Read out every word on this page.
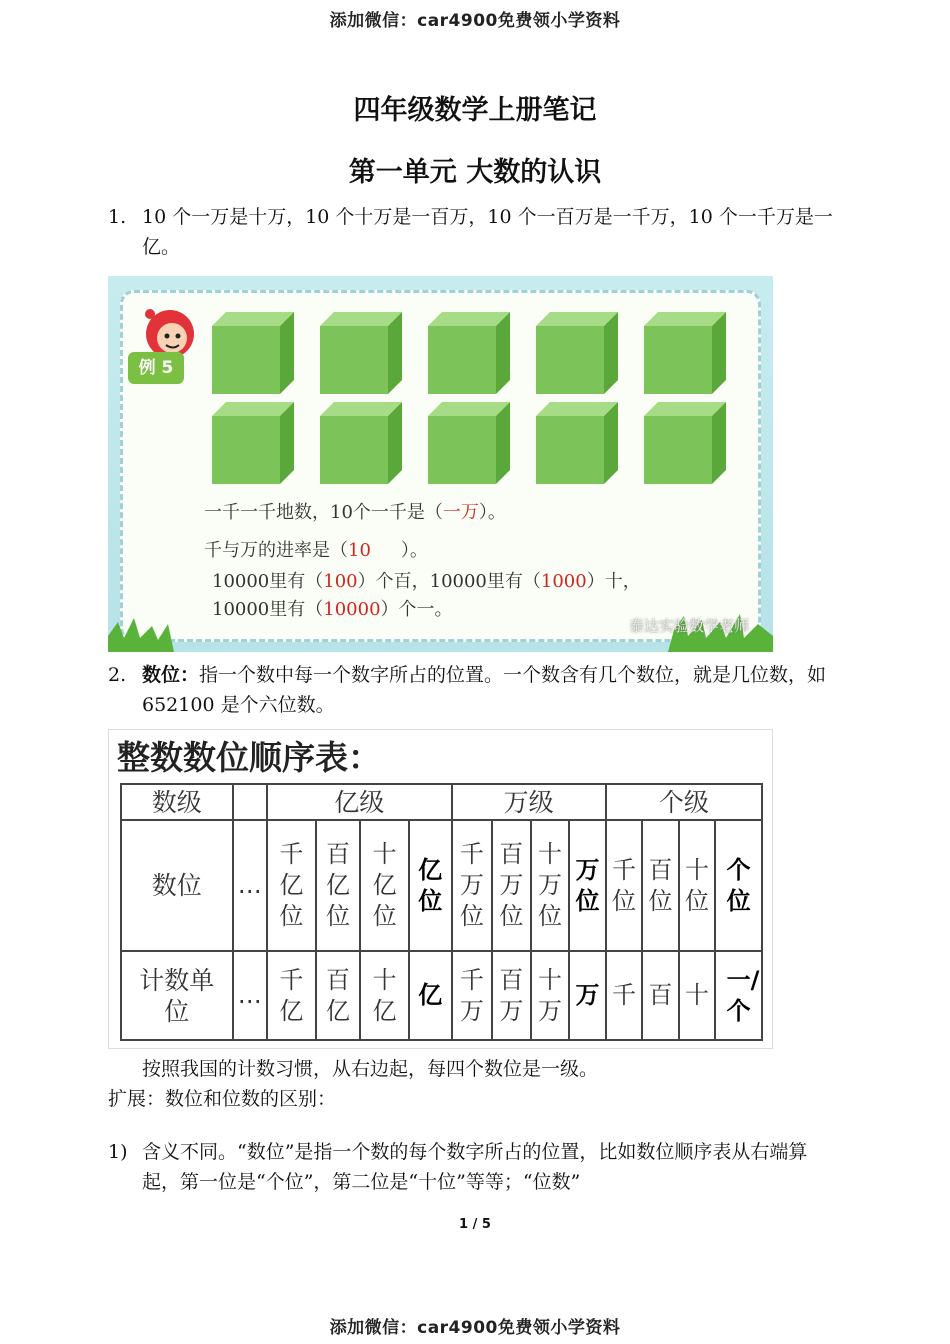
添加微信：car4900免费领小学资料
四年级数学上册笔记
第一单元 大数的认识
1. 10 个一万是十万，10 个十万是一百万，10 个一百万是一千万，10 个一千万是一亿。
例 5
一千一千地数，10个一千是（一万）。
千与万的进率是（10 ）。
10000里有（100）个百，10000里有（1000）十，
10000里有（10000）个一。
泰达实验数学老师
2. 数位：指一个数中每一个数字所占的位置。一个数含有几个数位，就是几位数，如 652100 是个六位数。
整数数位顺序表：
数级		亿级				万级				个级			
数位	…	千亿位	百亿位	十亿位	亿位	千万位	百万位	十万位	万位	千位	百位	十位	个位
计数单位	…	千亿	百亿	十亿	亿	千万	百万	十万	万	千	百	十	一/个
按照我国的计数习惯，从右边起，每四个数位是一级。
扩展：数位和位数的区别：
1) 含义不同。“数位”是指一个数的每个数字所占的位置，比如数位顺序表从右端算起，第一位是“个位”，第二位是“十位”等等；“位数”
1 / 5
添加微信：car4900免费领小学资料
